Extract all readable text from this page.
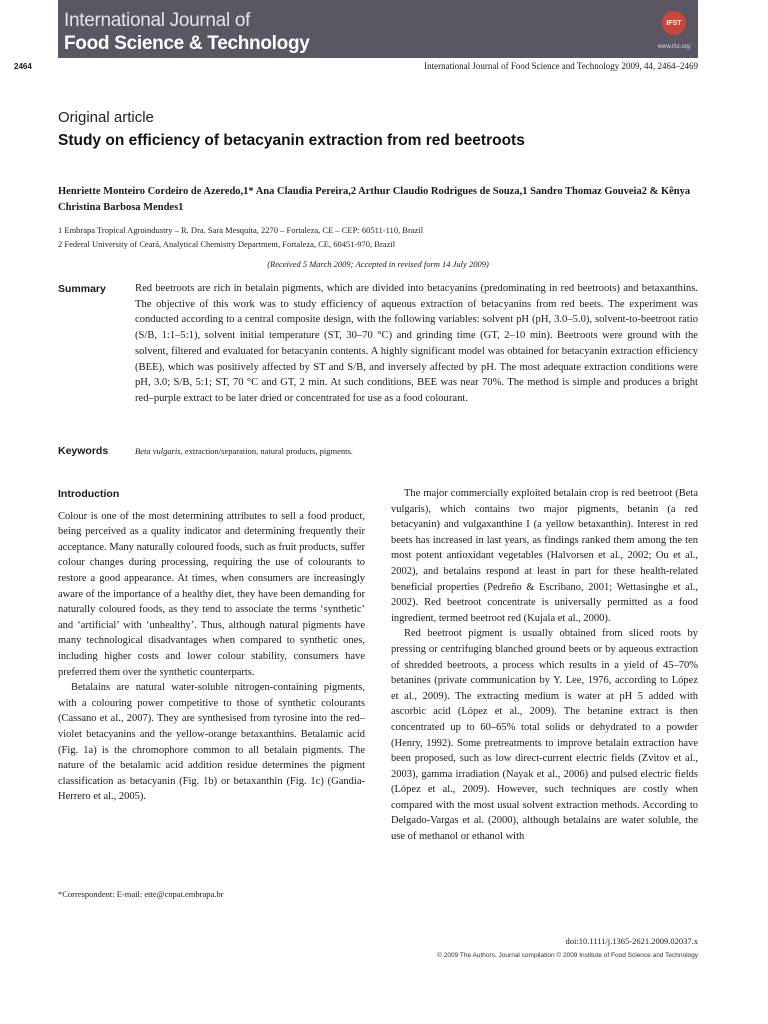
International Journal of
Food Science & Technology
IFST
www.ifst.org
2464	International Journal of Food Science and Technology 2009, 44, 2464–2469
Original article
Study on efficiency of betacyanin extraction from red beetroots
Henriette Monteiro Cordeiro de Azeredo,1* Ana Claudia Pereira,2 Arthur Claudio Rodrigues de Souza,1 Sandro Thomaz Gouveia2 & Kênya Christina Barbosa Mendes1
1 Embrapa Tropical Agroindustry – R. Dra. Sara Mesquita, 2270 – Fortaleza, CE – CEP: 60511-110, Brazil
2 Federal University of Ceará, Analytical Chemistry Department, Fortaleza, CE, 60451-970, Brazil
(Received 5 March 2009; Accepted in revised form 14 July 2009)
Summary	Red beetroots are rich in betalain pigments, which are divided into betacyanins (predominating in red beetroots) and betaxanthins. The objective of this work was to study efficiency of aqueous extraction of betacyanins from red beets. The experiment was conducted according to a central composite design, with the following variables: solvent pH (pH, 3.0–5.0), solvent-to-beetroot ratio (S/B, 1:1–5:1), solvent initial temperature (ST, 30–70 °C) and grinding time (GT, 2–10 min). Beetroots were ground with the solvent, filtered and evaluated for betacyanin contents. A highly significant model was obtained for betacyanin extraction efficiency (BEE), which was positively affected by ST and S/B, and inversely affected by pH. The most adequate extraction conditions were pH, 3.0; S/B, 5:1; ST, 70 °C and GT, 2 min. At such conditions, BEE was near 70%. The method is simple and produces a bright red–purple extract to be later dried or concentrated for use as a food colourant.
Keywords	Beta vulgaris, extraction/separation, natural products, pigments.

Introduction

Colour is one of the most determining attributes to sell a food product, being perceived as a quality indicator and determining frequently their acceptance. Many naturally coloured foods, such as fruit products, suffer colour changes during processing, requiring the use of colourants to restore a good appearance. At times, when consumers are increasingly aware of the importance of a healthy diet, they have been demanding for naturally coloured foods, as they tend to associate the terms ‘synthetic’ and ‘artificial’ with ‘unhealthy’. Thus, although natural pigments have many technological disadvantages when compared to synthetic ones, including higher costs and lower colour stability, consumers have preferred them over the synthetic counterparts.

Betalains are natural water-soluble nitrogen-containing pigments, with a colouring power competitive to those of synthetic colourants (Cassano et al., 2007). They are synthesised from tyrosine into the red–violet betacyanins and the yellow-orange betaxanthins. Betalamic acid (Fig. 1a) is the chromophore common to all betalain pigments. The nature of the betalamic acid addition residue determines the pigment classification as betacyanin (Fig. 1b) or betaxanthin (Fig. 1c) (Gandia-Herrero et al., 2005).

The major commercially exploited betalain crop is red beetroot (Beta vulgaris), which contains two major pigments, betanin (a red betacyanin) and vulgaxanthine I (a yellow betaxanthin). Interest in red beets has increased in last years, as findings ranked them among the ten most potent antioxidant vegetables (Halvorsen et al., 2002; Ou et al., 2002), and betalains respond at least in part for these health-related beneficial properties (Pedreño & Escribano, 2001; Wettasinghe et al., 2002). Red beetroot concentrate is universally permitted as a food ingredient, termed beetroot red (Kujala et al., 2000).

Red beetroot pigment is usually obtained from sliced roots by pressing or centrifuging blanched ground beets or by aqueous extraction of shredded beetroots, a process which results in a yield of 45–70% betanines (private communication by Y. Lee, 1976, according to López et al., 2009). The extracting medium is water at pH 5 added with ascorbic acid (López et al., 2009). The betanine extract is then concentrated up to 60–65% total solids or dehydrated to a powder (Henry, 1992). Some pretreatments to improve betalain extraction have been proposed, such as low direct-current electric fields (Zvitov et al., 2003), gamma irradiation (Nayak et al., 2006) and pulsed electric fields (López et al., 2009). However, such techniques are costly when compared with the most usual solvent extraction methods. According to Delgado-Vargas et al. (2000), although betalains are water soluble, the use of methanol or ethanol with

*Correspondent: E-mail: ette@cnpat.embrapa.br
doi:10.1111/j.1365-2621.2009.02037.x
© 2009 The Authors. Journal compilation © 2009 Institute of Food Science and Technology
